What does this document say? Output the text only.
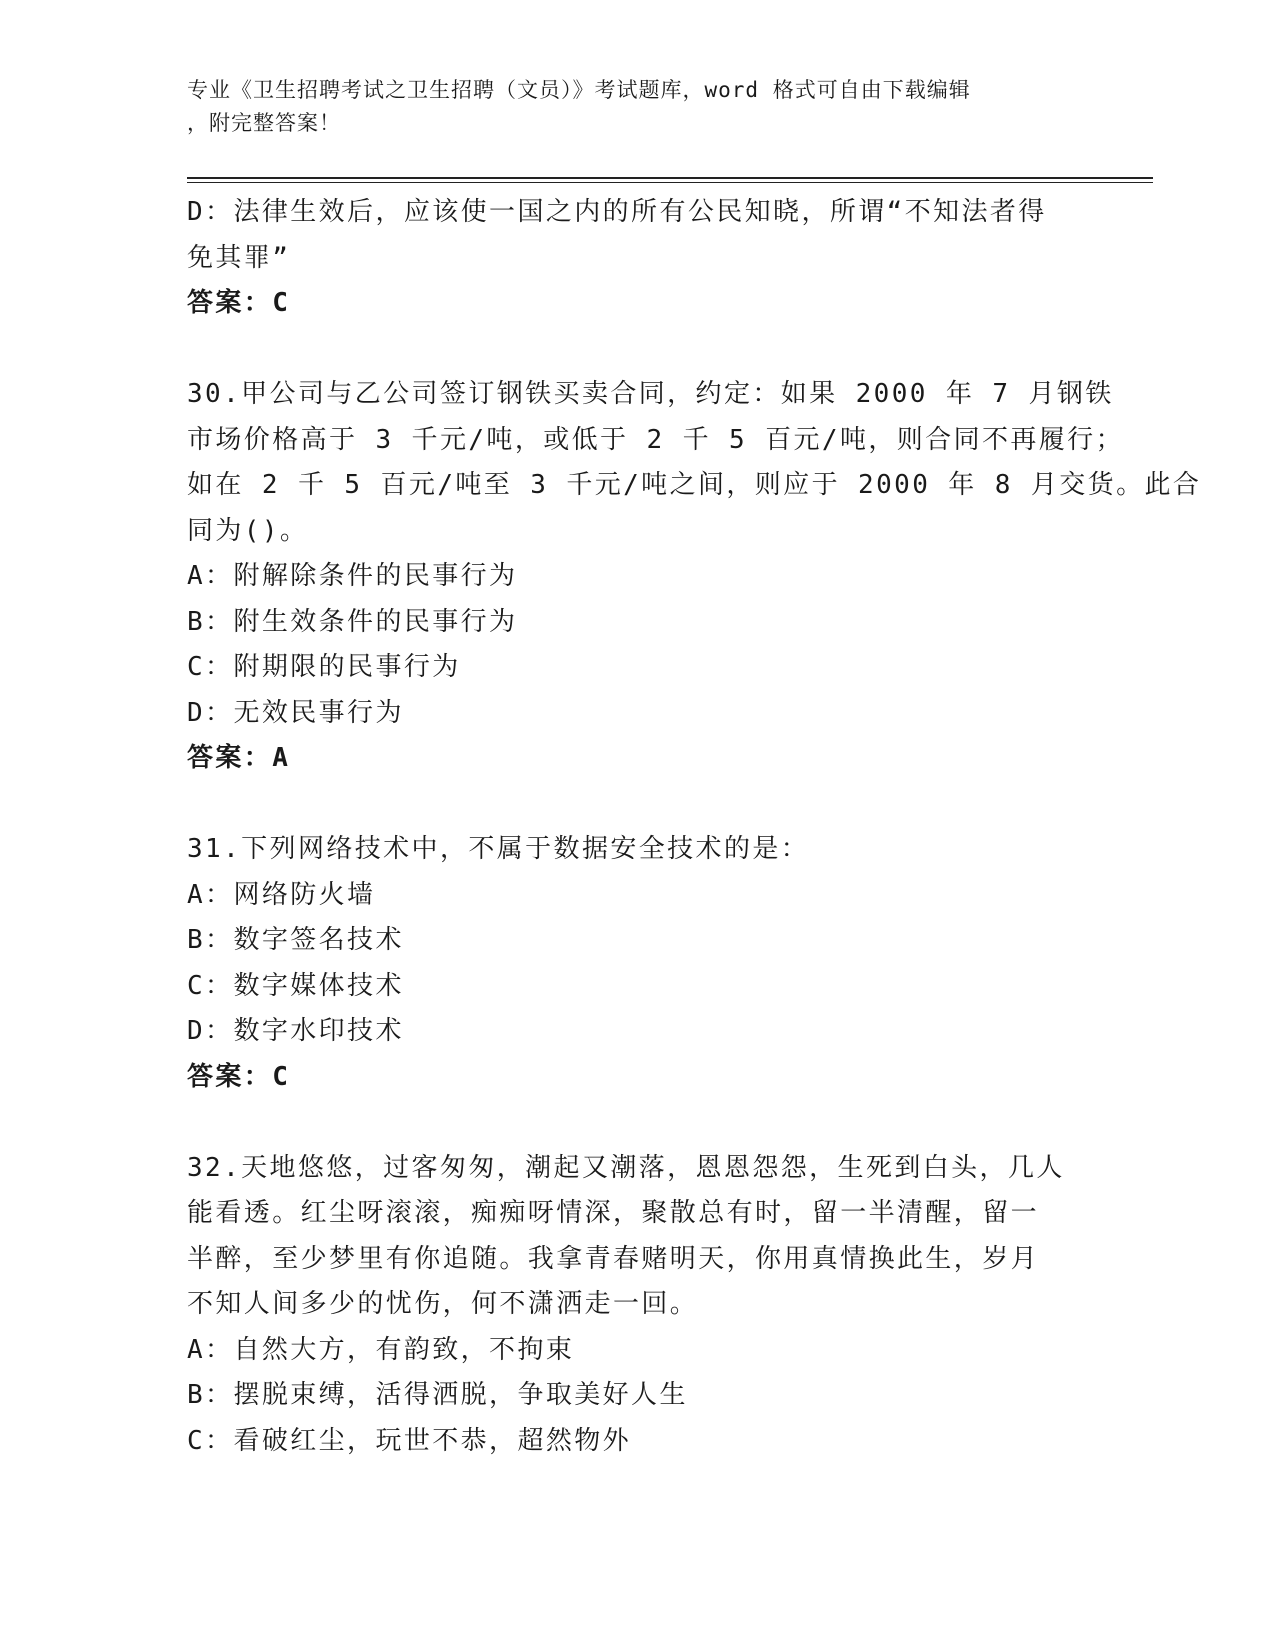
专业《卫生招聘考试之卫生招聘（文员）》考试题库，word 格式可自由下载编辑
，附完整答案！
D：法律生效后，应该使一国之内的所有公民知晓，所谓“不知法者得
免其罪”
答案：C
30.甲公司与乙公司签订钢铁买卖合同，约定：如果 2000 年 7 月钢铁
市场价格高于 3 千元/吨，或低于 2 千 5 百元/吨，则合同不再履行；
如在 2 千 5 百元/吨至 3 千元/吨之间，则应于 2000 年 8 月交货。此合
同为()。
A：附解除条件的民事行为
B：附生效条件的民事行为
C：附期限的民事行为
D：无效民事行为
答案：A
31.下列网络技术中，不属于数据安全技术的是：
A：网络防火墙
B：数字签名技术
C：数字媒体技术
D：数字水印技术
答案：C
32.天地悠悠，过客匆匆，潮起又潮落，恩恩怨怨，生死到白头，几人
能看透。红尘呀滚滚，痴痴呀情深，聚散总有时，留一半清醒，留一
半醉，至少梦里有你追随。我拿青春赌明天，你用真情换此生，岁月
不知人间多少的忧伤，何不潇洒走一回。
A：自然大方，有韵致，不拘束
B：摆脱束缚，活得洒脱，争取美好人生
C：看破红尘，玩世不恭，超然物外
